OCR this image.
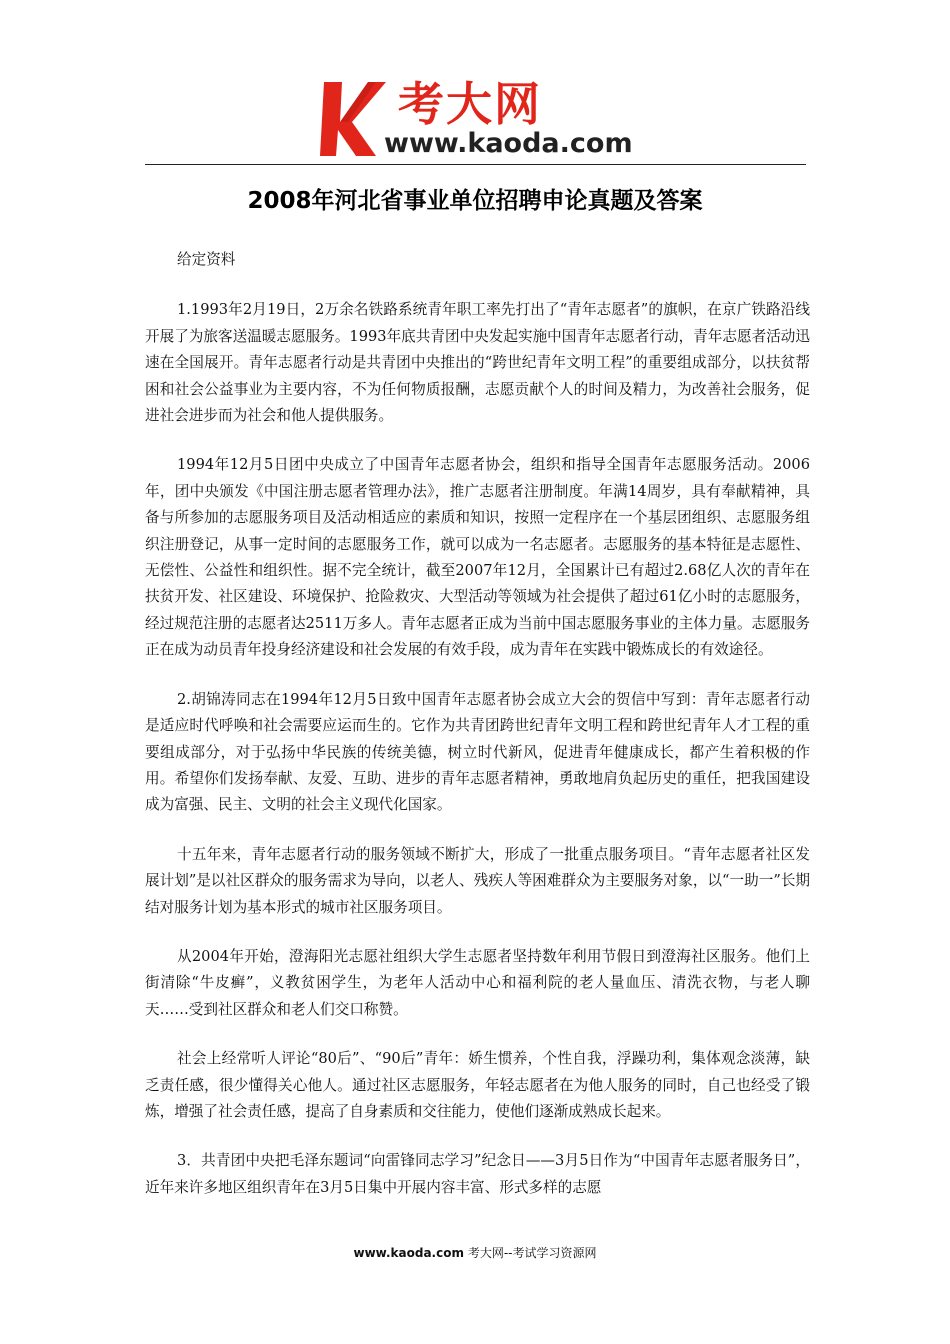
考大网
www.kaoda.com
2008年河北省事业单位招聘申论真题及答案

给定资料

1.1993年2月19日，2万余名铁路系统青年职工率先打出了“青年志愿者”的旗帜，在京广铁路沿线开展了为旅客送温暖志愿服务。1993年底共青团中央发起实施中国青年志愿者行动，青年志愿者活动迅速在全国展开。青年志愿者行动是共青团中央推出的“跨世纪青年文明工程”的重要组成部分，以扶贫帮困和社会公益事业为主要内容，不为任何物质报酬，志愿贡献个人的时间及精力，为改善社会服务，促进社会进步而为社会和他人提供服务。

1994年12月5日团中央成立了中国青年志愿者协会，组织和指导全国青年志愿服务活动。2006年，团中央颁发《中国注册志愿者管理办法》，推广志愿者注册制度。年满14周岁，具有奉献精神，具备与所参加的志愿服务项目及活动相适应的素质和知识，按照一定程序在一个基层团组织、志愿服务组织注册登记，从事一定时间的志愿服务工作，就可以成为一名志愿者。志愿服务的基本特征是志愿性、无偿性、公益性和组织性。据不完全统计，截至2007年12月，全国累计已有超过2.68亿人次的青年在扶贫开发、社区建设、环境保护、抢险救灾、大型活动等领域为社会提供了超过61亿小时的志愿服务，经过规范注册的志愿者达2511万多人。青年志愿者正成为当前中国志愿服务事业的主体力量。志愿服务正在成为动员青年投身经济建设和社会发展的有效手段，成为青年在实践中锻炼成长的有效途径。

2.胡锦涛同志在1994年12月5日致中国青年志愿者协会成立大会的贺信中写到：青年志愿者行动是适应时代呼唤和社会需要应运而生的。它作为共青团跨世纪青年文明工程和跨世纪青年人才工程的重要组成部分，对于弘扬中华民族的传统美德，树立时代新风，促进青年健康成长，都产生着积极的作用。希望你们发扬奉献、友爱、互助、进步的青年志愿者精神，勇敢地肩负起历史的重任，把我国建设成为富强、民主、文明的社会主义现代化国家。

十五年来，青年志愿者行动的服务领域不断扩大，形成了一批重点服务项目。“青年志愿者社区发展计划”是以社区群众的服务需求为导向，以老人、残疾人等困难群众为主要服务对象，以“一助一”长期结对服务计划为基本形式的城市社区服务项目。

从2004年开始，澄海阳光志愿社组织大学生志愿者坚持数年利用节假日到澄海社区服务。他们上街清除“牛皮癣”，义教贫困学生，为老年人活动中心和福利院的老人量血压、清洗衣物，与老人聊天……受到社区群众和老人们交口称赞。

社会上经常听人评论“80后”、“90后”青年：娇生惯养，个性自我，浮躁功利，集体观念淡薄，缺乏责任感，很少懂得关心他人。通过社区志愿服务，年轻志愿者在为他人服务的同时，自己也经受了锻炼，增强了社会责任感，提高了自身素质和交往能力，使他们逐渐成熟成长起来。

3．共青团中央把毛泽东题词“向雷锋同志学习”纪念日——3月5日作为“中国青年志愿者服务日”，近年来许多地区组织青年在3月5日集中开展内容丰富、形式多样的志愿

www.kaoda.com 考大网--考试学习资源网
